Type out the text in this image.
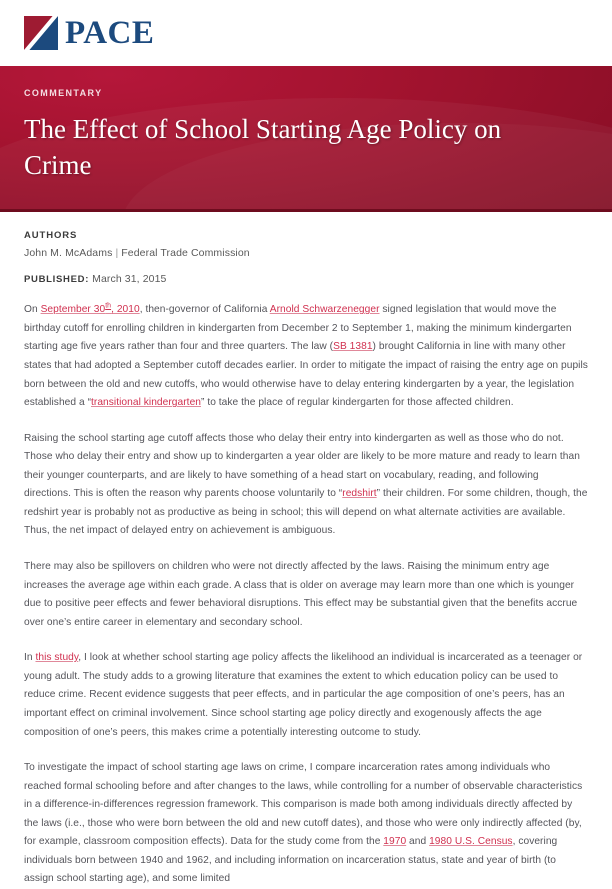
PACE

COMMENTARY

The Effect of School Starting Age Policy on Crime

AUTHORS

John M. McAdams | Federal Trade Commission

PUBLISHED: March 31, 2015

On September 30th, 2010, then-governor of California Arnold Schwarzenegger signed legislation that would move the birthday cutoff for enrolling children in kindergarten from December 2 to September 1, making the minimum kindergarten starting age five years rather than four and three quarters. The law (SB 1381) brought California in line with many other states that had adopted a September cutoff decades earlier. In order to mitigate the impact of raising the entry age on pupils born between the old and new cutoffs, who would otherwise have to delay entering kindergarten by a year, the legislation established a “transitional kindergarten” to take the place of regular kindergarten for those affected children.

Raising the school starting age cutoff affects those who delay their entry into kindergarten as well as those who do not. Those who delay their entry and show up to kindergarten a year older are likely to be more mature and ready to learn than their younger counterparts, and are likely to have something of a head start on vocabulary, reading, and following directions. This is often the reason why parents choose voluntarily to “redshirt” their children. For some children, though, the redshirt year is probably not as productive as being in school; this will depend on what alternate activities are available. Thus, the net impact of delayed entry on achievement is ambiguous.

There may also be spillovers on children who were not directly affected by the laws. Raising the minimum entry age increases the average age within each grade. A class that is older on average may learn more than one which is younger due to positive peer effects and fewer behavioral disruptions. This effect may be substantial given that the benefits accrue over one’s entire career in elementary and secondary school.

In this study, I look at whether school starting age policy affects the likelihood an individual is incarcerated as a teenager or young adult. The study adds to a growing literature that examines the extent to which education policy can be used to reduce crime. Recent evidence suggests that peer effects, and in particular the age composition of one’s peers, has an important effect on criminal involvement. Since school starting age policy directly and exogenously affects the age composition of one’s peers, this makes crime a potentially interesting outcome to study.

To investigate the impact of school starting age laws on crime, I compare incarceration rates among individuals who reached formal schooling before and after changes to the laws, while controlling for a number of observable characteristics in a difference-in-differences regression framework. This comparison is made both among individuals directly affected by the laws (i.e., those who were born between the old and new cutoff dates), and those who were only indirectly affected (by, for example, classroom composition effects). Data for the study come from the 1970 and 1980 U.S. Census, covering individuals born between 1940 and 1962, and including information on incarceration status, state and year of birth (to assign school starting age), and some limited
